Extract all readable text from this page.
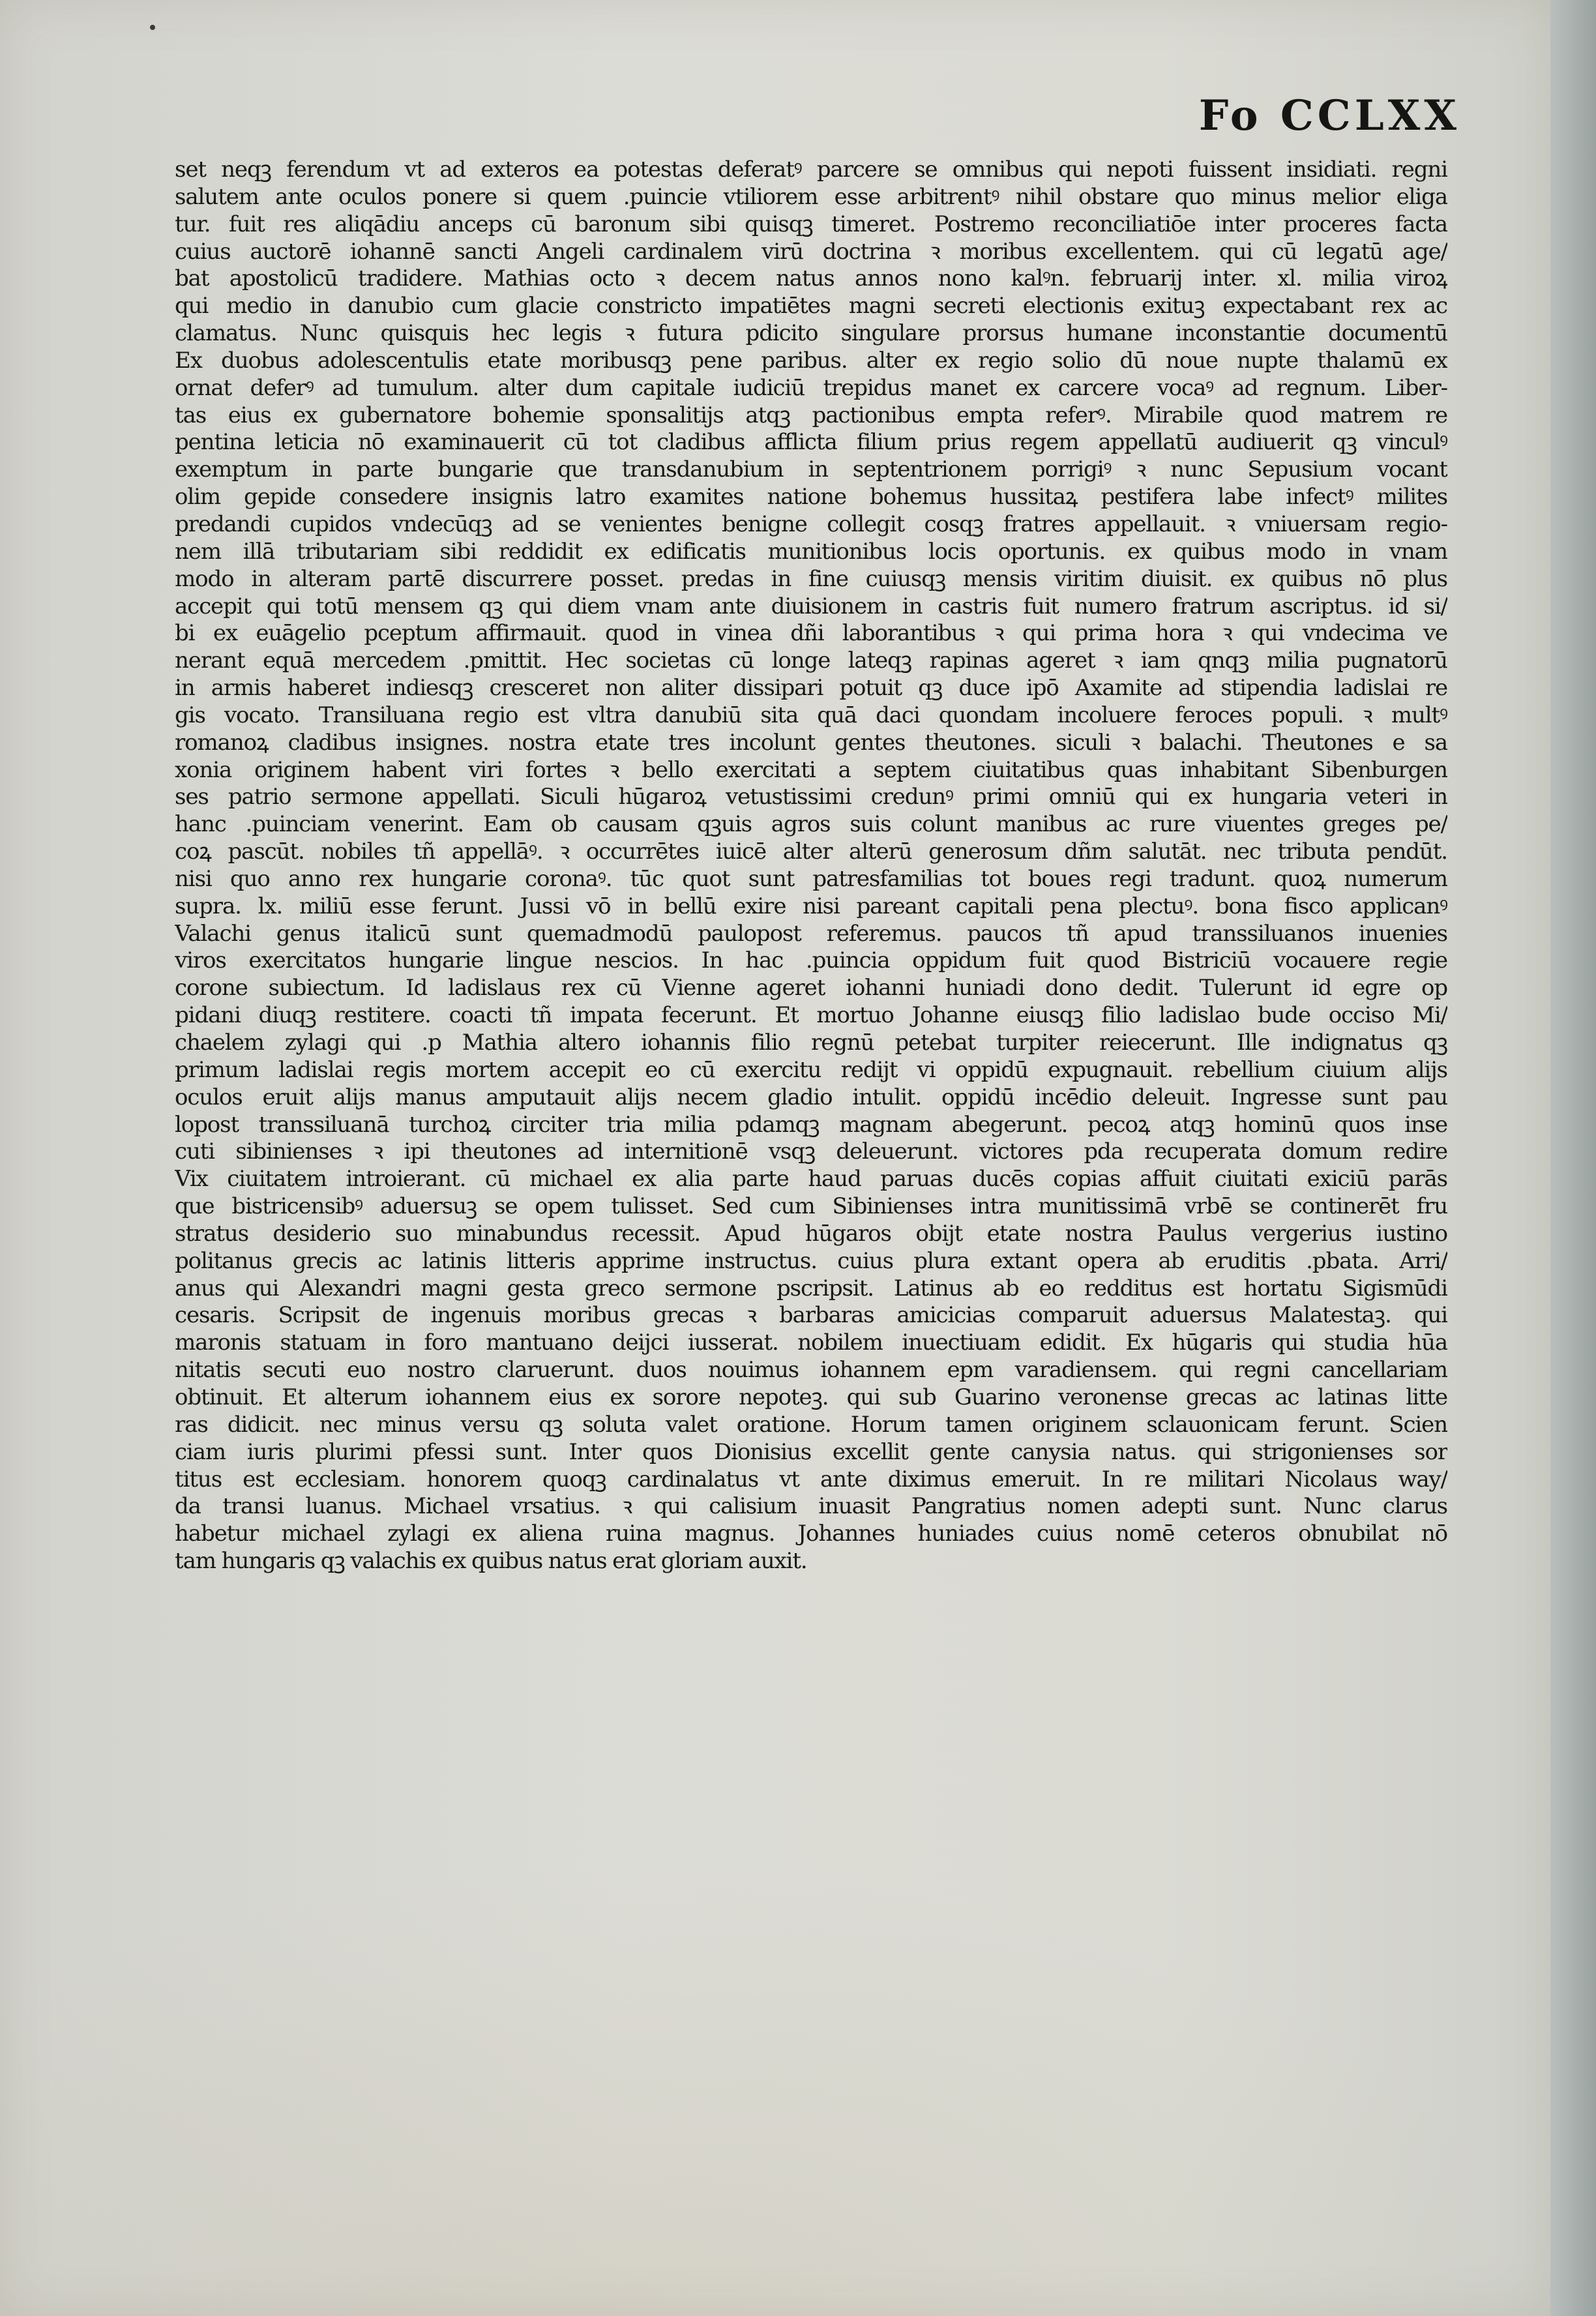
Fo CCLXX
set neqꝫ ferendum vt ad exteros ea potestas deferatꝰ parcere se omnibus qui nepoti fuissent insidiati. regni
salutem ante oculos ponere si quem .puincie vtiliorem esse arbitrentꝰ nihil obstare quo minus melior eliga
tur. fuit res aliqādiu anceps cū baronum sibi quisqꝫ timeret. Postremo reconciliatiōe inter proceres facta
cuius auctorē iohannē sancti Angeli cardinalem virū doctrina ꝛ moribus excellentem. qui cū legatū age/
bat apostolicū tradidere. Mathias octo ꝛ decem natus annos nono kalꝰn. februarij inter. xl. milia viroꝝ
qui medio in danubio cum glacie constricto impatiētes magni secreti electionis exituꝫ expectabant rex ac
clamatus. Nunc quisquis hec legis ꝛ futura pdicito singulare prorsus humane inconstantie documentū
Ex duobus adolescentulis etate moribusqꝫ pene paribus. alter ex regio solio dū noue nupte thalamū ex
ornat deferꝰ ad tumulum. alter dum capitale iudiciū trepidus manet ex carcere vocaꝰ ad regnum. Liber-
tas eius ex gubernatore bohemie sponsalitijs atqꝫ pactionibus empta referꝰ. Mirabile quod matrem re
pentina leticia nō examinauerit cū tot cladibus afflicta filium prius regem appellatū audiuerit qꝫ vinculꝰ
exemptum in parte bungarie que transdanubium in septentrionem porrigiꝰ ꝛ nunc Sepusium vocant
olim gepide consedere insignis latro examites natione bohemus hussitaꝝ pestifera labe infectꝰ milites
predandi cupidos vndecūqꝫ ad se venientes benigne collegit cosqꝫ fratres appellauit. ꝛ vniuersam regio-
nem illā tributariam sibi reddidit ex edificatis munitionibus locis oportunis. ex quibus modo in vnam
modo in alteram partē discurrere posset. predas in fine cuiusqꝫ mensis viritim diuisit. ex quibus nō plus
accepit qui totū mensem qꝫ qui diem vnam ante diuisionem in castris fuit numero fratrum ascriptus. id si/
bi ex euāgelio pceptum affirmauit. quod in vinea dñi laborantibus ꝛ qui prima hora ꝛ qui vndecima ve
nerant equā mercedem .pmittit. Hec societas cū longe lateqꝫ rapinas ageret ꝛ iam qnqꝫ milia pugnatorū
in armis haberet indiesqꝫ cresceret non aliter dissipari potuit qꝫ duce ipō Axamite ad stipendia ladislai re
gis vocato. Transiluana regio est vltra danubiū sita quā daci quondam incoluere feroces populi. ꝛ multꝰ
romanoꝝ cladibus insignes. nostra etate tres incolunt gentes theutones. siculi ꝛ balachi. Theutones e sa
xonia originem habent viri fortes ꝛ bello exercitati a septem ciuitatibus quas inhabitant Sibenburgen
ses patrio sermone appellati. Siculi hūgaroꝝ vetustissimi credunꝰ primi omniū qui ex hungaria veteri in
hanc .puinciam venerint. Eam ob causam qꝫuis agros suis colunt manibus ac rure viuentes greges pe/
coꝝ pascūt. nobiles tñ appellāꝰ. ꝛ occurrētes iuicē alter alterū generosum dñm salutāt. nec tributa pendūt.
nisi quo anno rex hungarie coronaꝰ. tūc quot sunt patresfamilias tot boues regi tradunt. quoꝝ numerum
supra. lx. miliū esse ferunt. Jussi vō in bellū exire nisi pareant capitali pena plectuꝰ. bona fisco applicanꝰ
Valachi genus italicū sunt quemadmodū paulopost referemus. paucos tñ apud transsiluanos inuenies
viros exercitatos hungarie lingue nescios. In hac .puincia oppidum fuit quod Bistriciū vocauere regie
corone subiectum. Id ladislaus rex cū Vienne ageret iohanni huniadi dono dedit. Tulerunt id egre op
pidani diuqꝫ restitere. coacti tñ impata fecerunt. Et mortuo Johanne eiusqꝫ filio ladislao bude occiso Mi/
chaelem zylagi qui .p Mathia altero iohannis filio regnū petebat turpiter reiecerunt. Ille indignatus qꝫ
primum ladislai regis mortem accepit eo cū exercitu redijt vi oppidū expugnauit. rebellium ciuium alijs
oculos eruit alijs manus amputauit alijs necem gladio intulit. oppidū incēdio deleuit. Ingresse sunt pau
lopost transsiluanā turchoꝝ circiter tria milia pdamqꝫ magnam abegerunt. pecoꝝ atqꝫ hominū quos inse
cuti sibinienses ꝛ ipi theutones ad internitionē vsqꝫ deleuerunt. victores pda recuperata domum redire
Vix ciuitatem introierant. cū michael ex alia parte haud paruas ducēs copias affuit ciuitati exiciū parās
que bistricensibꝰ aduersuꝫ se opem tulisset. Sed cum Sibinienses intra munitissimā vrbē se continerēt fru
stratus desiderio suo minabundus recessit. Apud hūgaros obijt etate nostra Paulus vergerius iustino
politanus grecis ac latinis litteris apprime instructus. cuius plura extant opera ab eruditis .pbata. Arri/
anus qui Alexandri magni gesta greco sermone pscripsit. Latinus ab eo redditus est hortatu Sigismūdi
cesaris. Scripsit de ingenuis moribus grecas ꝛ barbaras amicicias comparuit aduersus Malatestaꝫ. qui
maronis statuam in foro mantuano deijci iusserat. nobilem inuectiuam edidit. Ex hūgaris qui studia hūa
nitatis secuti euo nostro claruerunt. duos nouimus iohannem epm varadiensem. qui regni cancellariam
obtinuit. Et alterum iohannem eius ex sorore nepoteꝫ. qui sub Guarino veronense grecas ac latinas litte
ras didicit. nec minus versu qꝫ soluta valet oratione. Horum tamen originem sclauonicam ferunt. Scien
ciam iuris plurimi pfessi sunt. Inter quos Dionisius excellit gente canysia natus. qui strigonienses sor
titus est ecclesiam. honorem quoqꝫ cardinalatus vt ante diximus emeruit. In re militari Nicolaus way/
da transi luanus. Michael vrsatius. ꝛ qui calisium inuasit Pangratius nomen adepti sunt. Nunc clarus
habetur michael zylagi ex aliena ruina magnus. Johannes huniades cuius nomē ceteros obnubilat nō
tam hungaris qꝫ valachis ex quibus natus erat gloriam auxit.
